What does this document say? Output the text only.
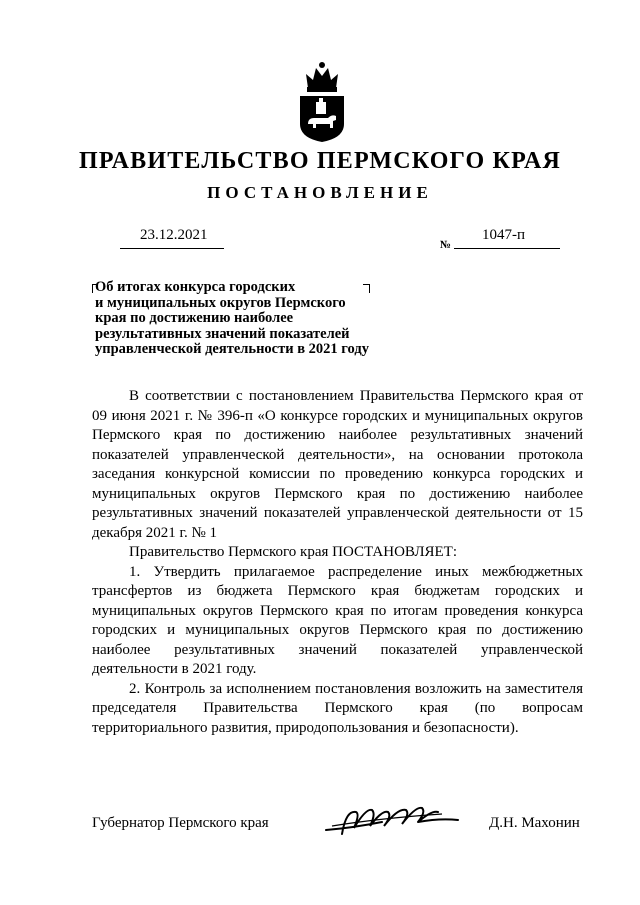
ПРАВИТЕЛЬСТВО ПЕРМСКОГО КРАЯ
ПОСТАНОВЛЕНИЕ
23.12.2021
№
1047-п
Об итогах конкурса городских
и муниципальных округов Пермского
края по достижению наиболее
результативных значений показателей
управленческой деятельности в 2021 году

В соответствии с постановлением Правительства Пермского края от 09 июня 2021 г. № 396-п «О конкурсе городских и муниципальных округов Пермского края по достижению наиболее результативных значений показателей управленческой деятельности», на основании протокола заседания конкурсной комиссии по проведению конкурса городских и муниципальных округов Пермского края по достижению наиболее результативных значений показателей управленческой деятельности от 15 декабря 2021 г. № 1

Правительство Пермского края ПОСТАНОВЛЯЕТ:

1. Утвердить прилагаемое распределение иных межбюджетных трансфертов из бюджета Пермского края бюджетам городских и муниципальных округов Пермского края по итогам проведения конкурса городских и муниципальных округов Пермского края по достижению наиболее результативных значений показателей управленческой деятельности в 2021 году.

2. Контроль за исполнением постановления возложить на заместителя председателя Правительства Пермского края (по вопросам территориального развития, природопользования и безопасности).

Губернатор Пермского края	Д.Н. Махонин
